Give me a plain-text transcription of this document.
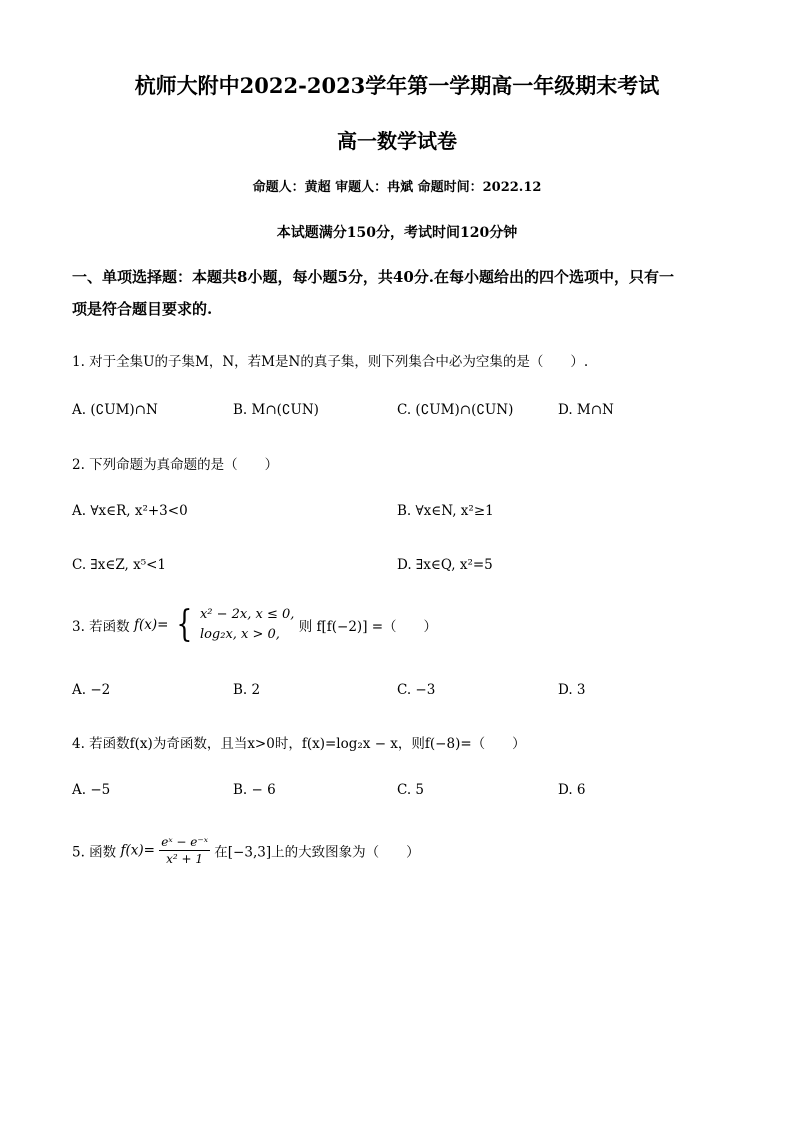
杭师大附中2022-2023学年第一学期高一年级期末考试
高一数学试卷
命题人：黄超 审题人：冉斌 命题时间：2022.12
本试题满分150分，考试时间120分钟
一、单项选择题：本题共8小题，每小题5分，共40分.在每小题给出的四个选项中，只有一
项是符合题目要求的.
1. 对于全集U的子集M，N，若M是N的真子集，则下列集合中必为空集的是（　　）.
A. (∁UM)∩N	B. M∩(∁UN)	C. (∁UM)∩(∁UN)	D. M∩N
2. 下列命题为真命题的是（　　）
A. ∀x∈R, x²+3<0	B. ∀x∈N, x²≥1
C. ∃x∈Z, x⁵<1	D. ∃x∈Q, x²=5
3. 若函数 f(x)= { x² − 2x, x ≤ 0,
log₂x, x > 0,	则 f[f(−2)] =（　　）
A. −2	B. 2	C. −3	D. 3
4. 若函数f(x)为奇函数，且当x>0时，f(x)=log₂x − x，则f(−8)=（　　）
A. −5	B. − 6	C. 5	D. 6
5. 函数 $f(x)= \frac{\text{eˣ − e⁻ˣ}}{\text{x² + 1}}$ 在[−3,3]上的大致图象为（　　）
